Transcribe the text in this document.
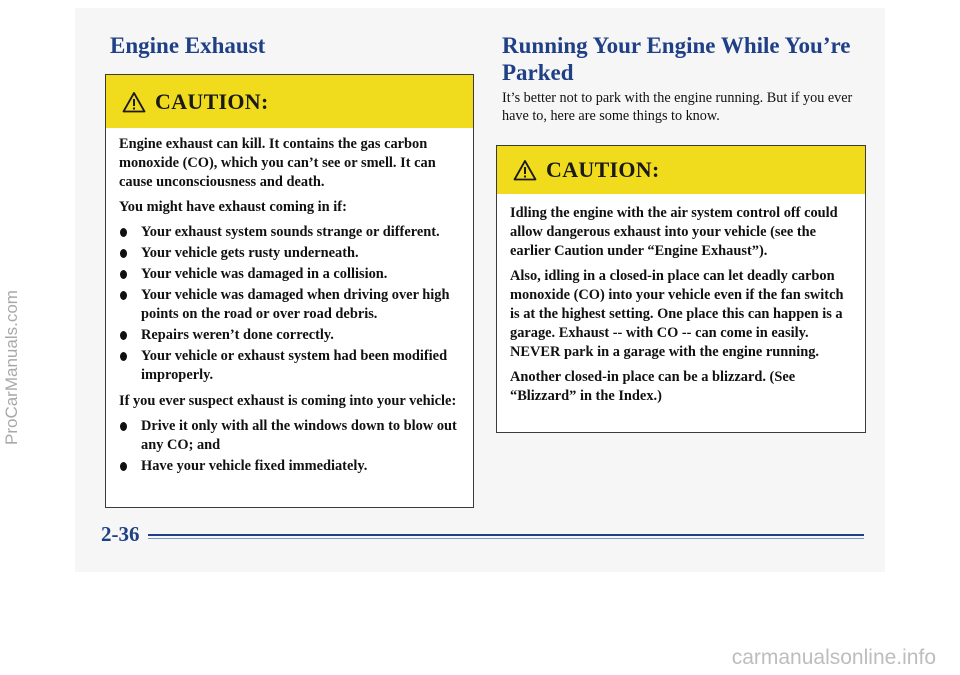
Engine Exhaust
CAUTION:

Engine exhaust can kill. It contains the gas carbon monoxide (CO), which you can’t see or smell. It can cause unconsciousness and death.

You might have exhaust coming in if:

Your exhaust system sounds strange or different.
Your vehicle gets rusty underneath.
Your vehicle was damaged in a collision.
Your vehicle was damaged when driving over high points on the road or over road debris.
Repairs weren’t done correctly.
Your vehicle or exhaust system had been modified improperly.

If you ever suspect exhaust is coming into your vehicle:

Drive it only with all the windows down to blow out any CO; and
Have your vehicle fixed immediately.
Running Your Engine While You’re Parked

It’s better not to park with the engine running. But if you ever have to, here are some things to know.

CAUTION:

Idling the engine with the air system control off could allow dangerous exhaust into your vehicle (see the earlier Caution under “Engine Exhaust”).

Also, idling in a closed-in place can let deadly carbon monoxide (CO) into your vehicle even if the fan switch is at the highest setting. One place this can happen is a garage. Exhaust -- with CO -- can come in easily. NEVER park in a garage with the engine running.

Another closed-in place can be a blizzard. (See “Blizzard” in the Index.)

2-36
ProCarManuals.com
carmanualsonline.info
